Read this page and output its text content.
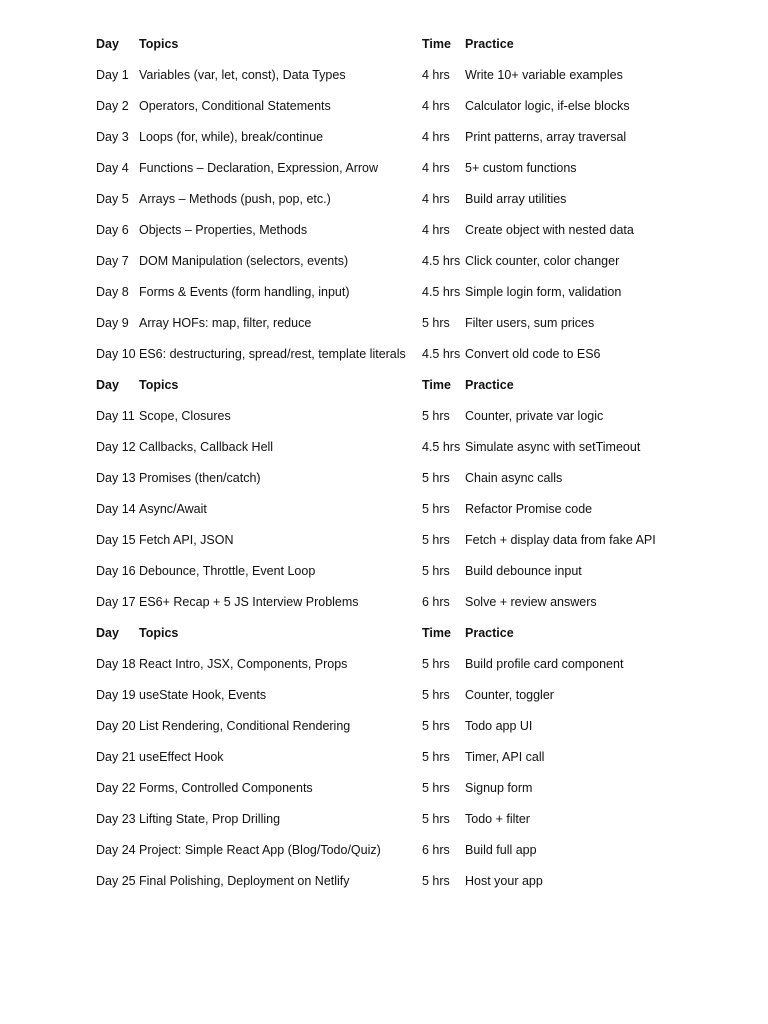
Day	Topics	Time	Practice
Day 1	Variables (var, let, const), Data Types	4 hrs	Write 10+ variable examples
Day 2	Operators, Conditional Statements	4 hrs	Calculator logic, if-else blocks
Day 3	Loops (for, while), break/continue	4 hrs	Print patterns, array traversal
Day 4	Functions – Declaration, Expression, Arrow	4 hrs	5+ custom functions
Day 5	Arrays – Methods (push, pop, etc.)	4 hrs	Build array utilities
Day 6	Objects – Properties, Methods	4 hrs	Create object with nested data
Day 7	DOM Manipulation (selectors, events)	4.5 hrs	Click counter, color changer
Day 8	Forms & Events (form handling, input)	4.5 hrs	Simple login form, validation
Day 9	Array HOFs: map, filter, reduce	5 hrs	Filter users, sum prices
Day 10	ES6: destructuring, spread/rest, template literals	4.5 hrs	Convert old code to ES6
Day	Topics	Time	Practice
Day 11	Scope, Closures	5 hrs	Counter, private var logic
Day 12	Callbacks, Callback Hell	4.5 hrs	Simulate async with setTimeout
Day 13	Promises (then/catch)	5 hrs	Chain async calls
Day 14	Async/Await	5 hrs	Refactor Promise code
Day 15	Fetch API, JSON	5 hrs	Fetch + display data from fake API
Day 16	Debounce, Throttle, Event Loop	5 hrs	Build debounce input
Day 17	ES6+ Recap + 5 JS Interview Problems	6 hrs	Solve + review answers
Day	Topics	Time	Practice
Day 18	React Intro, JSX, Components, Props	5 hrs	Build profile card component
Day 19	useState Hook, Events	5 hrs	Counter, toggler
Day 20	List Rendering, Conditional Rendering	5 hrs	Todo app UI
Day 21	useEffect Hook	5 hrs	Timer, API call
Day 22	Forms, Controlled Components	5 hrs	Signup form
Day 23	Lifting State, Prop Drilling	5 hrs	Todo + filter
Day 24	Project: Simple React App (Blog/Todo/Quiz)	6 hrs	Build full app
Day 25	Final Polishing, Deployment on Netlify	5 hrs	Host your app
